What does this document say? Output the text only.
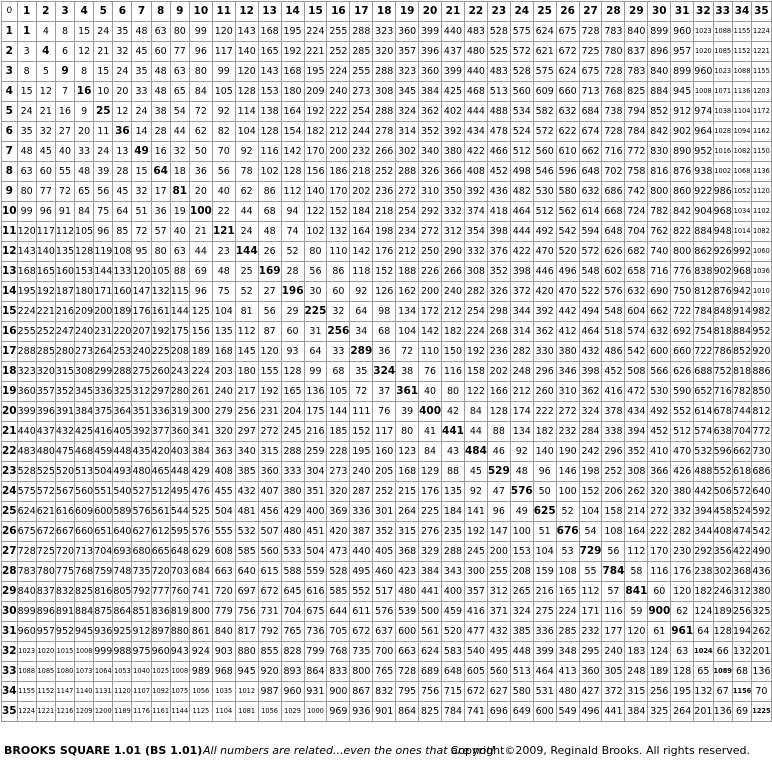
0	1	2	3	4	5	6	7	8	9	10	11	12	13	14	15	16	17	18	19	20	21	22	23	24	25	26	27	28	29	30	31	32	33	34	35
1	1	4	8	15	24	35	48	63	80	99	120	143	168	195	224	255	288	323	360	399	440	483	528	575	624	675	728	783	840	899	960	1023	1088	1155	1224
2	3	4	6	12	21	32	45	60	77	96	117	140	165	192	221	252	285	320	357	396	437	480	525	572	621	672	725	780	837	896	957	1020	1085	1152	1221
3	8	5	9	8	15	24	35	48	63	80	99	120	143	168	195	224	255	288	323	360	399	440	483	528	575	624	675	728	783	840	899	960	1023	1088	1155
4	15	12	7	16	10	20	33	48	65	84	105	128	153	180	209	240	273	308	345	384	425	468	513	560	609	660	713	768	825	884	945	1008	1071	1136	1203
5	24	21	16	9	25	12	24	38	54	72	92	114	138	164	192	222	254	288	324	362	402	444	488	534	582	632	684	738	794	852	912	974	1038	1104	1172
6	35	32	27	20	11	36	14	28	44	62	82	104	128	154	182	212	244	278	314	352	392	434	478	524	572	622	674	728	784	842	902	964	1028	1094	1162
7	48	45	40	33	24	13	49	16	32	50	70	92	116	142	170	200	232	266	302	340	380	422	466	512	560	610	662	716	772	830	890	952	1016	1082	1150
8	63	60	55	48	39	28	15	64	18	36	56	78	102	128	156	186	218	252	288	326	366	408	452	498	546	596	648	702	758	816	876	938	1002	1068	1136
9	80	77	72	65	56	45	32	17	81	20	40	62	86	112	140	170	202	236	272	310	350	392	436	482	530	580	632	686	742	800	860	922	986	1052	1120
10	99	96	91	84	75	64	51	36	19	100	22	44	68	94	122	152	184	218	254	292	332	374	418	464	512	562	614	668	724	782	842	904	968	1034	1102
11	120	117	112	105	96	85	72	57	40	21	121	24	48	74	102	132	164	198	234	272	312	354	398	444	492	542	594	648	704	762	822	884	948	1014	1082
12	143	140	135	128	119	108	95	80	63	44	23	144	26	52	80	110	142	176	212	250	290	332	376	422	470	520	572	626	682	740	800	862	926	992	1060
13	168	165	160	153	144	133	120	105	88	69	48	25	169	28	56	86	118	152	188	226	266	308	352	398	446	496	548	602	658	716	776	838	902	968	1036
14	195	192	187	180	171	160	147	132	115	96	75	52	27	196	30	60	92	126	162	200	240	282	326	372	420	470	522	576	632	690	750	812	876	942	1010
15	224	221	216	209	200	189	176	161	144	125	104	81	56	29	225	32	64	98	134	172	212	254	298	344	392	442	494	548	604	662	722	784	848	914	982
16	255	252	247	240	231	220	207	192	175	156	135	112	87	60	31	256	34	68	104	142	182	224	268	314	362	412	464	518	574	632	692	754	818	884	952
17	288	285	280	273	264	253	240	225	208	189	168	145	120	93	64	33	289	36	72	110	150	192	236	282	330	380	432	486	542	600	660	722	786	852	920
18	323	320	315	308	299	288	275	260	243	224	203	180	155	128	99	68	35	324	38	76	116	158	202	248	296	346	398	452	508	566	626	688	752	818	886
19	360	357	352	345	336	325	312	297	280	261	240	217	192	165	136	105	72	37	361	40	80	122	166	212	260	310	362	416	472	530	590	652	716	782	850
20	399	396	391	384	375	364	351	336	319	300	279	256	231	204	175	144	111	76	39	400	42	84	128	174	222	272	324	378	434	492	552	614	678	744	812
21	440	437	432	425	416	405	392	377	360	341	320	297	272	245	216	185	152	117	80	41	441	44	88	134	182	232	284	338	394	452	512	574	638	704	772
22	483	480	475	468	459	448	435	420	403	384	363	340	315	288	259	228	195	160	123	84	43	484	46	92	140	190	242	296	352	410	470	532	596	662	730
23	528	525	520	513	504	493	480	465	448	429	408	385	360	333	304	273	240	205	168	129	88	45	529	48	96	146	198	252	308	366	426	488	552	618	686
24	575	572	567	560	551	540	527	512	495	476	455	432	407	380	351	320	287	252	215	176	135	92	47	576	50	100	152	206	262	320	380	442	506	572	640
25	624	621	616	609	600	589	576	561	544	525	504	481	456	429	400	369	336	301	264	225	184	141	96	49	625	52	104	158	214	272	332	394	458	524	592
26	675	672	667	660	651	640	627	612	595	576	555	532	507	480	451	420	387	352	315	276	235	192	147	100	51	676	54	108	164	222	282	344	408	474	542
27	728	725	720	713	704	693	680	665	648	629	608	585	560	533	504	473	440	405	368	329	288	245	200	153	104	53	729	56	112	170	230	292	356	422	490
28	783	780	775	768	759	748	735	720	703	684	663	640	615	588	559	528	495	460	423	384	343	300	255	208	159	108	55	784	58	116	176	238	302	368	436
29	840	837	832	825	816	805	792	777	760	741	720	697	672	645	616	585	552	517	480	441	400	357	312	265	216	165	112	57	841	60	120	182	246	312	380
30	899	896	891	884	875	864	851	836	819	800	779	756	731	704	675	644	611	576	539	500	459	416	371	324	275	224	171	116	59	900	62	124	189	256	325
31	960	957	952	945	936	925	912	897	880	861	840	817	792	765	736	705	672	637	600	561	520	477	432	385	336	285	232	177	120	61	961	64	128	194	262
32	1023	1020	1015	1008	999	988	975	960	943	924	903	880	855	828	799	768	735	700	663	624	583	540	495	448	399	348	295	240	183	124	63	1024	66	132	201
33	1088	1085	1080	1073	1064	1053	1040	1025	1008	989	968	945	920	893	864	833	800	765	728	689	648	605	560	513	464	413	360	305	248	189	128	65	1089	68	136
34	1155	1152	1147	1140	1131	1120	1107	1092	1075	1056	1035	1012	987	960	931	900	867	832	795	756	715	672	627	580	531	480	427	372	315	256	195	132	67	1156	70
35	1224	1221	1216	1209	1200	1189	1176	1161	1144	1125	1104	1081	1056	1029	1000	969	936	901	864	825	784	741	696	649	600	549	496	441	384	325	264	201	136	69	1225
BROOKS SQUARE 1.01 (BS 1.01) All numbers are related...even the ones that are not!
Copyright©2009, Reginald Brooks. All rights reserved.
